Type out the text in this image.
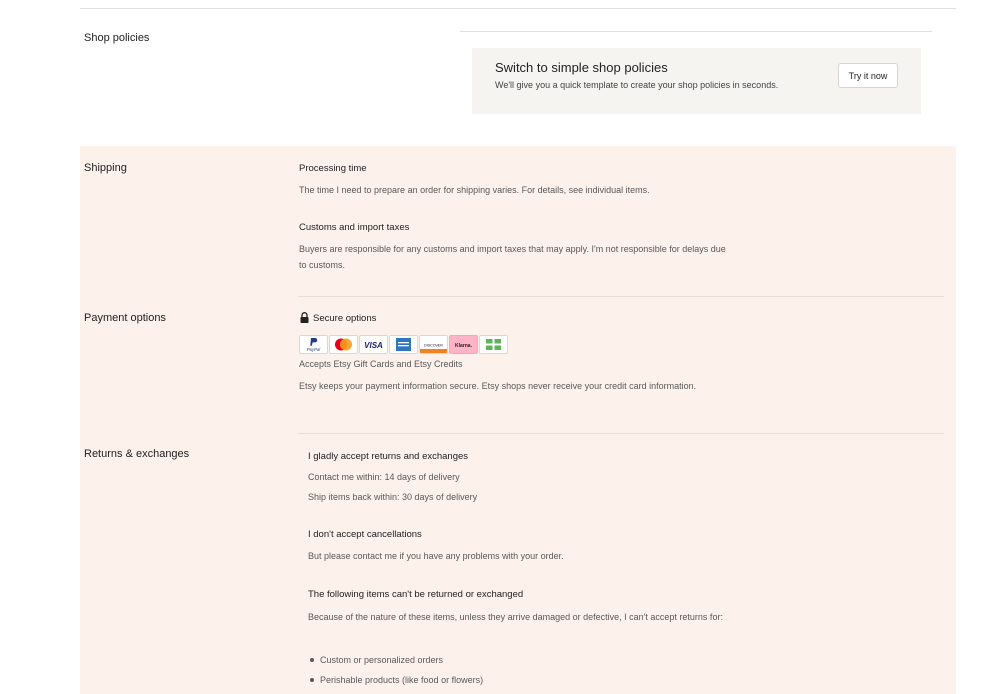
Shop policies
Switch to simple shop policies
We'll give you a quick template to create your shop policies in seconds.
Try it now
Shipping	Processing time
The time I need to prepare an order for shipping varies. For details, see individual items.
Customs and import taxes
Buyers are responsible for any customs and import taxes that may apply. I'm not responsible for delays due to customs.
Payment options	Secure options
PayPal	VISA	DISCOVER Klarna.
Accepts Etsy Gift Cards and Etsy Credits
Etsy keeps your payment information secure. Etsy shops never receive your credit card information.
Returns & exchanges	I gladly accept returns and exchanges
Contact me within: 14 days of delivery
Ship items back within: 30 days of delivery
I don't accept cancellations
But please contact me if you have any problems with your order.
The following items can't be returned or exchanged
Because of the nature of these items, unless they arrive damaged or defective, I can't accept returns for:
Custom or personalized orders
Perishable products (like food or flowers)
